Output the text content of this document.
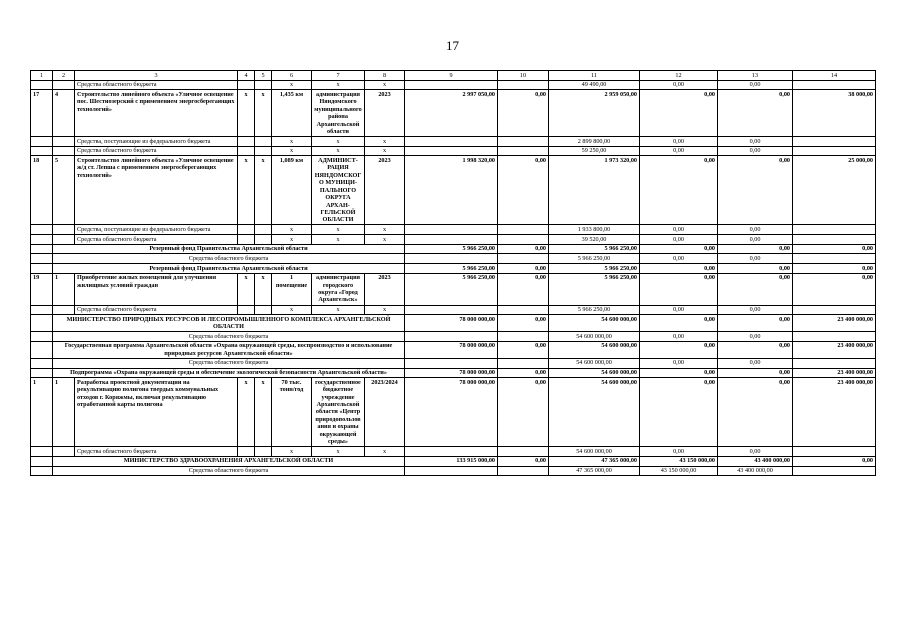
17
1	2	3	4	5	6	7	8	9	10	11	12	13	14
		Средства областного бюджета			х	х	х			49 490,00	0,00	0,00	
17	4	Строительство линейного объекта «Уличное освещение пос. Шестиозерский с применением энергосберегающих технологий»	х	х	1,435 км	администрация Няндомского муниципального района Архангельской области	2023	2 997 050,00	0,00	2 959 050,00	0,00	0,00	38 000,00
		Средства, поступающие из федерального бюджета			х	х	х			2 899 800,00	0,00	0,00	
		Средства областного бюджета			х	х	х			59 250,00	0,00	0,00	
18	5	Строительство линейного объекта «Уличное освещение ж/д ст. Лепша с применением энергосберегающих технологий»	х	х	1,089 км	АДМИНИСТ-РАЦИЯ НЯНДОМСКОГО МУНИЦИ-ПАЛЬНОГО ОКРУГА АРХАН-ГЕЛЬСКОЙ ОБЛАСТИ	2023	1 998 320,00	0,00	1 973 320,00	0,00	0,00	25 000,00
		Средства, поступающие из федерального бюджета			х	х	х			1 933 800,00	0,00	0,00	
		Средства областного бюджета			х	х	х			39 520,00	0,00	0,00	
	Резервный фонд Правительства Архангельской области							5 966 250,00	0,00	5 966 250,00	0,00	0,00	0,00
	Средства областного бюджета									5 966 250,00	0,00	0,00	
	Резервный фонд Правительства Архангельской области							5 966 250,00	0,00	5 966 250,00	0,00	0,00	0,00
19	1	Приобретение жилых помещений для улучшения жилищных условий граждан	х	х	1 помещение	администрация городского округа «Город Архангельск»	2023	5 966 250,00	0,00	5 966 250,00	0,00	0,00	0,00
		Средства областного бюджета			х	х	х			5 966 250,00	0,00	0,00	
	МИНИСТЕРСТВО ПРИРОДНЫХ РЕСУРСОВ И ЛЕСОПРОМЫШЛЕННОГО КОМПЛЕКСА АРХАНГЕЛЬСКОЙ ОБЛАСТИ							78 000 000,00	0,00	54 600 000,00	0,00	0,00	23 400 000,00
	Средства областного бюджета									54 600 000,00	0,00	0,00	
	Государственная программа Архангельской области «Охрана окружающей среды, воспроизводство и использование природных ресурсов Архангельской области»							78 000 000,00	0,00	54 600 000,00	0,00	0,00	23 400 000,00
	Средства областного бюджета									54 600 000,00	0,00	0,00	
	Подпрограмма «Охрана окружающей среды и обеспечение экологической безопасности Архангельской области»							78 000 000,00	0,00	54 600 000,00	0,00	0,00	23 400 000,00
1	1	Разработка проектной документации на рекультивацию полигона твердых коммунальных отходов г. Коряжмы, включая рекультивацию отработанной карты полигона	х	х	70 тыс. тонн/год	государственное бюджетное учреждение Архангельской области «Центр природопользования и охраны окружающей среды»	2023/2024	78 000 000,00	0,00	54 600 000,00	0,00	0,00	23 400 000,00
		Средства областного бюджета			х	х	х			54 600 000,00	0,00	0,00	
	МИНИСТЕРСТВО ЗДРАВООХРАНЕНИЯ АРХАНГЕЛЬСКОЙ ОБЛАСТИ							133 915 000,00	0,00	47 365 000,00	43 150 000,00	43 400 000,00	0,00
	Средства областного бюджета									47 365 000,00	43 150 000,00	43 400 000,00	
